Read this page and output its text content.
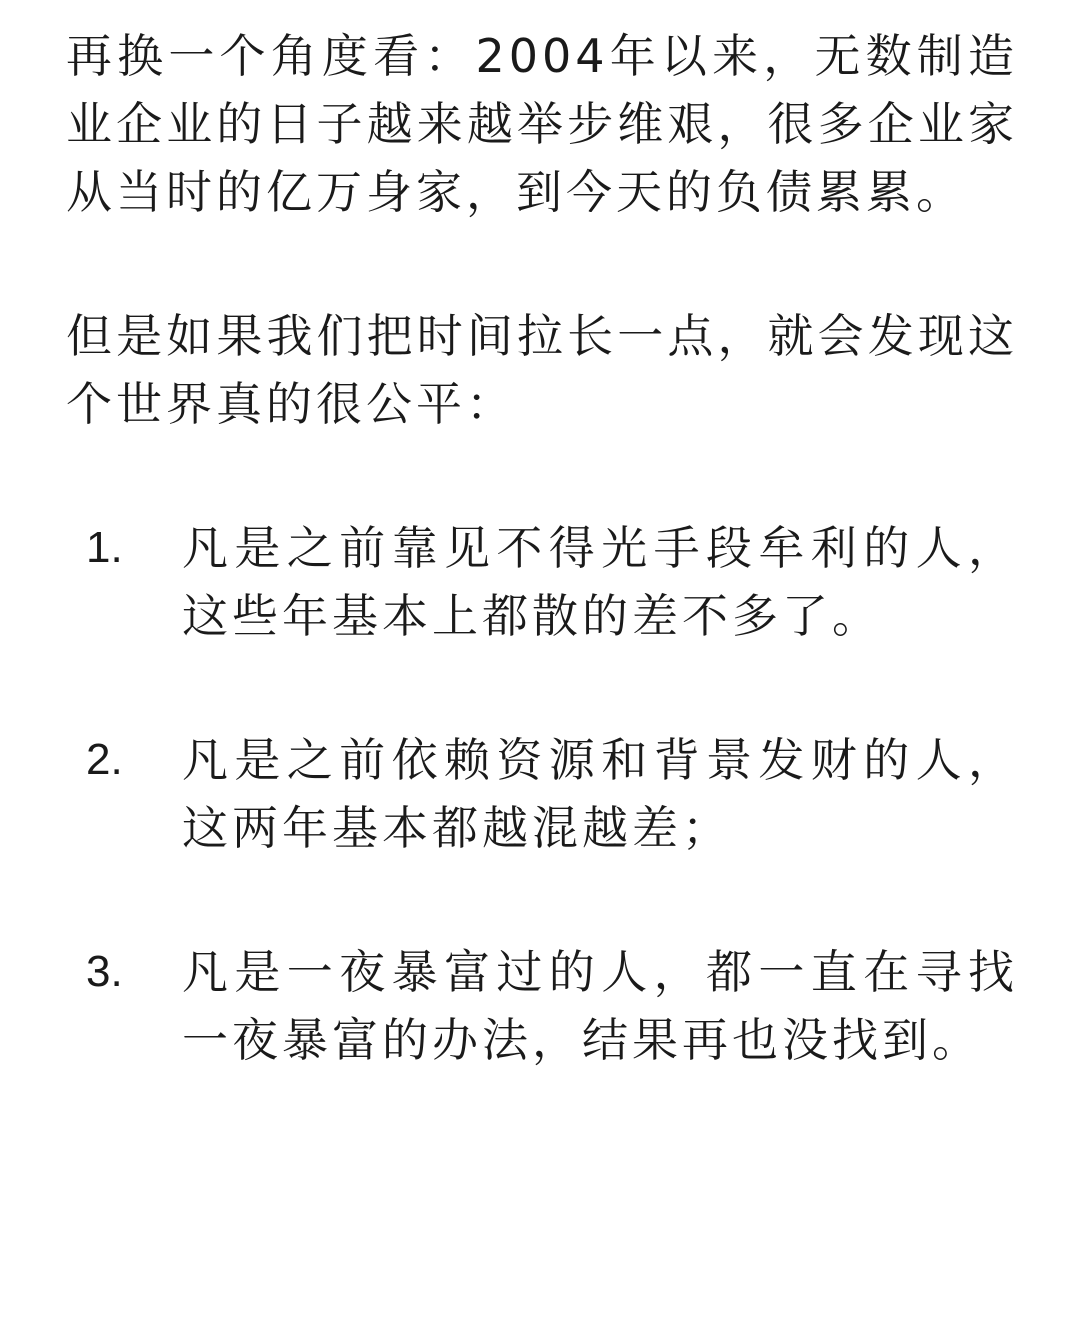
再换一个角度看：2004年以来，无数制造业企业的日子越来越举步维艰，很多企业家从当时的亿万身家，到今天的负债累累。

但是如果我们把时间拉长一点，就会发现这个世界真的很公平：

1. 凡是之前靠见不得光手段牟利的人，这些年基本上都散的差不多了。
2. 凡是之前依赖资源和背景发财的人，这两年基本都越混越差；
3. 凡是一夜暴富过的人，都一直在寻找一夜暴富的办法，结果再也没找到。
